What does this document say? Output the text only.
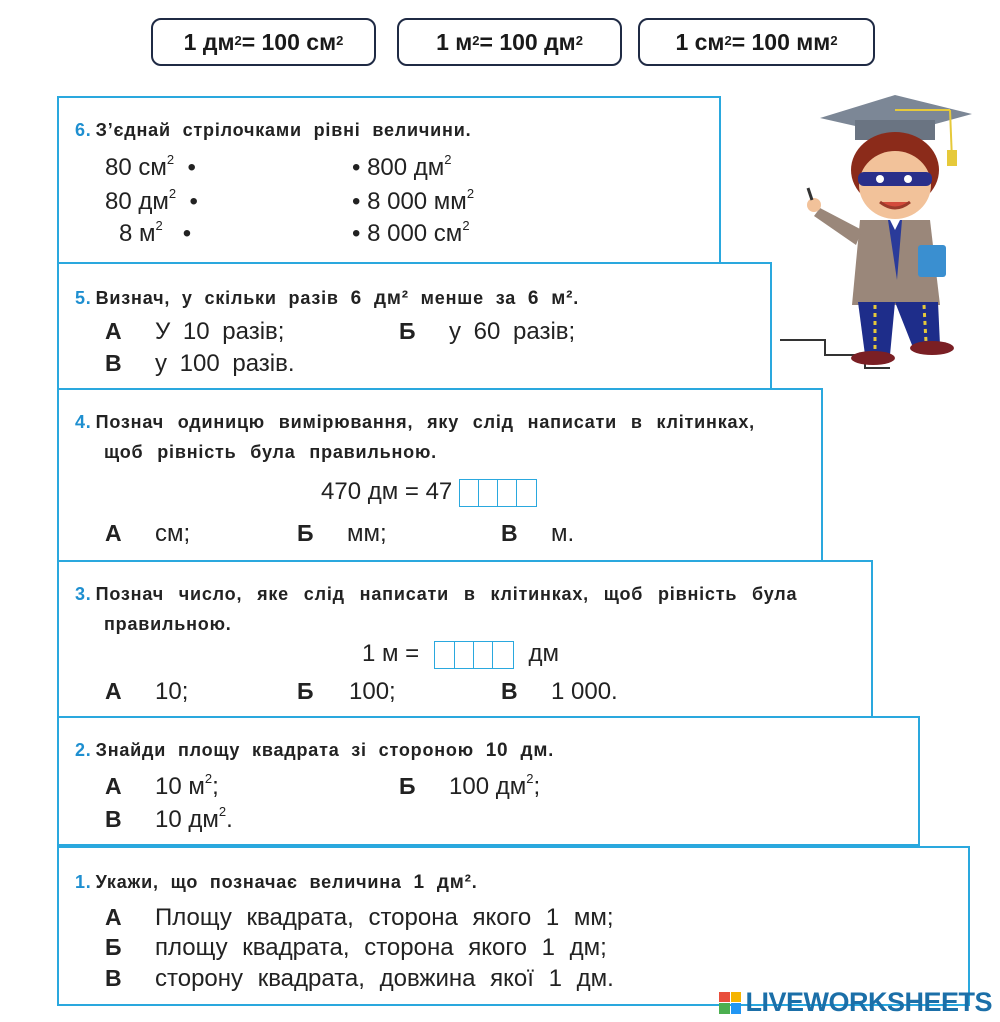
1 $дм^2 = 100$ $см^2$	1 $м^2 = 100$ $дм^2$	1 $см^2 = 100$ $мм^2$
6. З’єднай стрілочками рівні величини.
80 $см^2$  •
80 $дм^2$  •
8 $м^2$   •
• 800 $дм^2$
• 8 000 $мм^2$
• 8 000 $см^2$
5. Визнач, у скільки разів 6 дм² менше за 6 м².
А У 10 разів;	Б у 60 разів;
В у 100 разів.
4. Познач одиницю вимірювання, яку слід написати в клітинках,
щоб рівність була правильною.
470 дм = 47
А см;	Б мм;	В м.
3. Познач число, яке слід написати в клітинках, щоб рівність була
правильною.
1 м =	дм
А 10;	Б 100;	В 1 000.
2. Знайди площу квадрата зі стороною 10 дм.
А 10 $м^2$;	Б 100 $дм^2$;
В 10 $дм^2$.
1. Укажи, що позначає величина 1 дм².
А Площу квадрата, сторона якого 1 мм;
Б площу квадрата, сторона якого 1 дм;
В сторону квадрата, довжина якої 1 дм.
LIVEWORKSHEETS
